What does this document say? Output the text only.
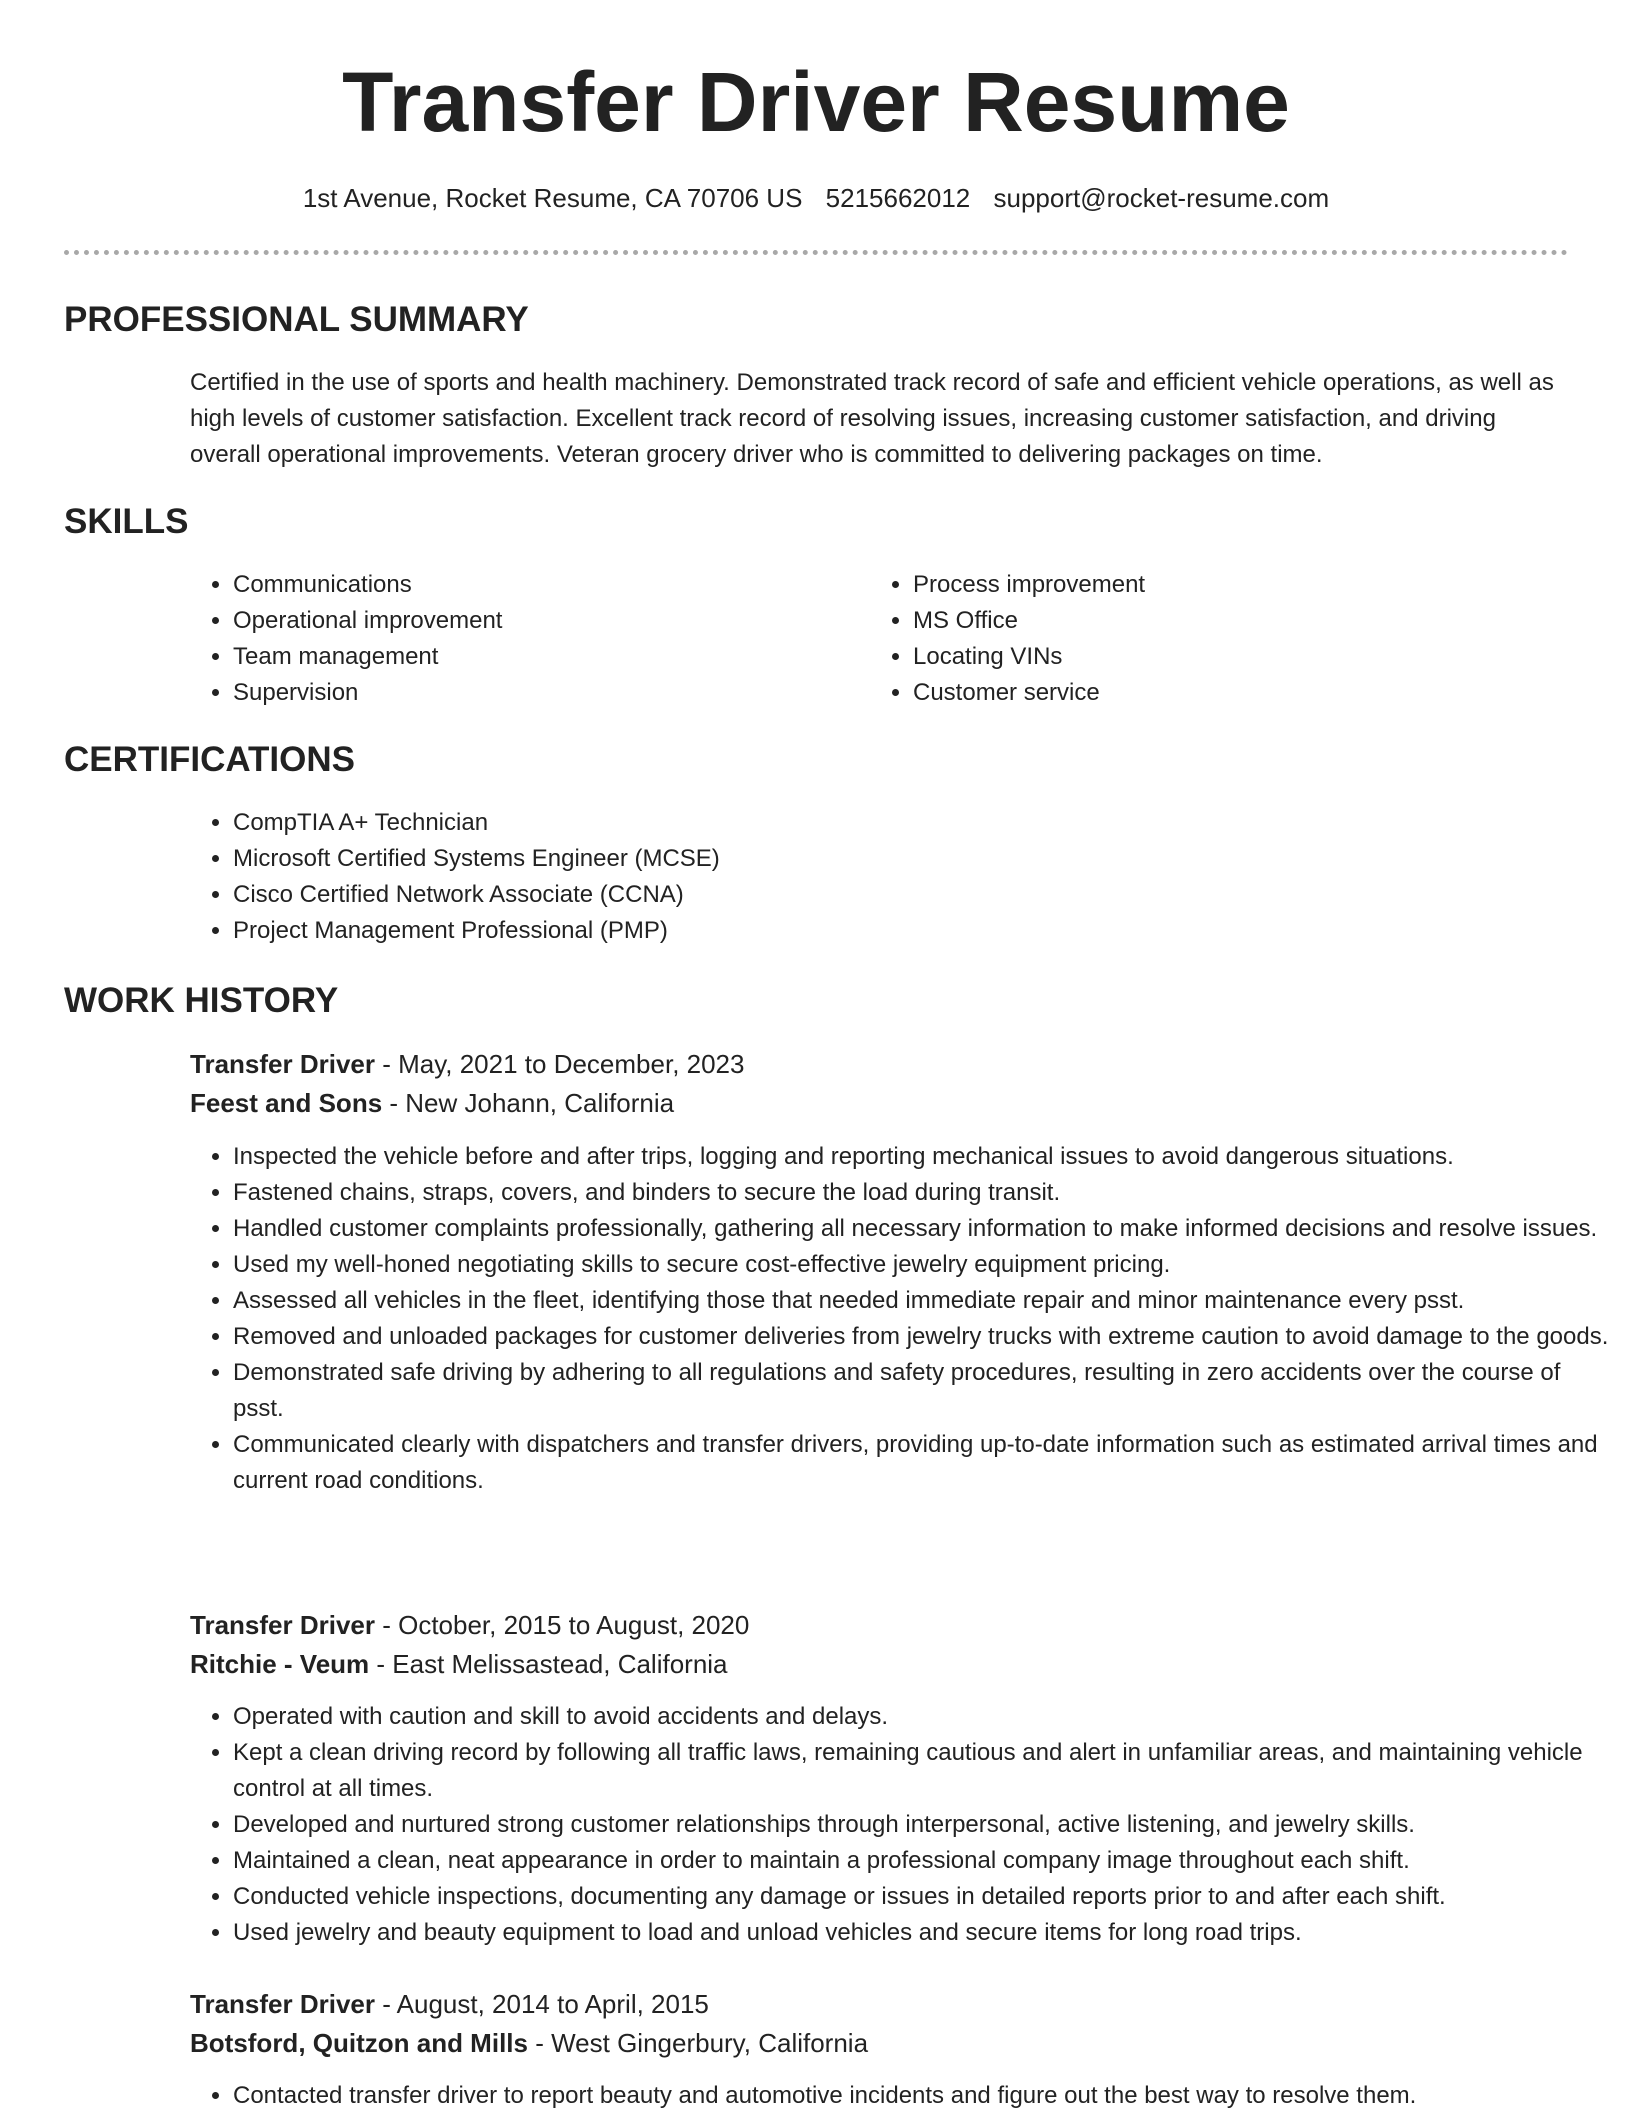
Transfer Driver Resume
1st Avenue, Rocket Resume, CA 70706 US 5215662012 support@rocket-resume.com
PROFESSIONAL SUMMARY

Certified in the use of sports and health machinery. Demonstrated track record of safe and efficient vehicle operations, as well as high levels of customer satisfaction. Excellent track record of resolving issues, increasing customer satisfaction, and driving overall operational improvements. Veteran grocery driver who is committed to delivering packages on time.

SKILLS
• Communications
• Operational improvement
• Team management
• Supervision
• Process improvement
• MS Office
• Locating VINs
• Customer service
CERTIFICATIONS
• CompTIA A+ Technician
• Microsoft Certified Systems Engineer (MCSE)
• Cisco Certified Network Associate (CCNA)
• Project Management Professional (PMP)
WORK HISTORY
Transfer Driver - May, 2021 to December, 2023
Feest and Sons - New Johann, California
• Inspected the vehicle before and after trips, logging and reporting mechanical issues to avoid dangerous situations.
• Fastened chains, straps, covers, and binders to secure the load during transit.
• Handled customer complaints professionally, gathering all necessary information to make informed decisions and resolve issues.
• Used my well-honed negotiating skills to secure cost-effective jewelry equipment pricing.
• Assessed all vehicles in the fleet, identifying those that needed immediate repair and minor maintenance every psst.
• Removed and unloaded packages for customer deliveries from jewelry trucks with extreme caution to avoid damage to the goods.
• Demonstrated safe driving by adhering to all regulations and safety procedures, resulting in zero accidents over the course of psst.
• Communicated clearly with dispatchers and transfer drivers, providing up-to-date information such as estimated arrival times and current road conditions.
Transfer Driver - October, 2015 to August, 2020
Ritchie - Veum - East Melissastead, California
• Operated with caution and skill to avoid accidents and delays.
• Kept a clean driving record by following all traffic laws, remaining cautious and alert in unfamiliar areas, and maintaining vehicle control at all times.
• Developed and nurtured strong customer relationships through interpersonal, active listening, and jewelry skills.
• Maintained a clean, neat appearance in order to maintain a professional company image throughout each shift.
• Conducted vehicle inspections, documenting any damage or issues in detailed reports prior to and after each shift.
• Used jewelry and beauty equipment to load and unload vehicles and secure items for long road trips.
Transfer Driver - August, 2014 to April, 2015
Botsford, Quitzon and Mills - West Gingerbury, California
• Contacted transfer driver to report beauty and automotive incidents and figure out the best way to resolve them.
